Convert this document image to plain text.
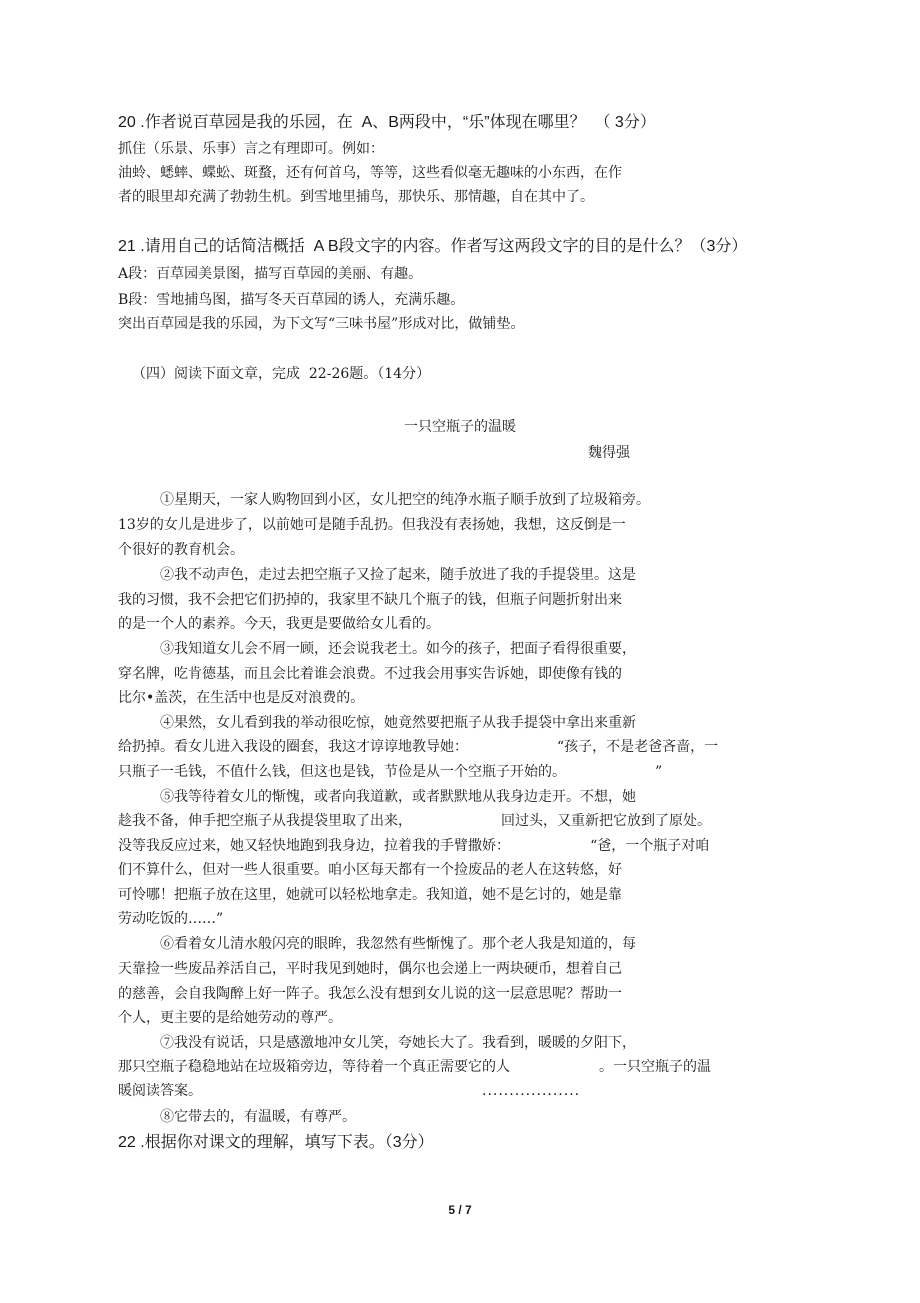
20 .作者说百草园是我的乐园，在  A、B两段中，“乐”体现在哪里？  （ 3分）
抓住（乐景、乐事）言之有理即可。例如：
油蛉、蟋蟀、蝶蚣、斑蝥，还有何首乌，等等，这些看似毫无趣味的小东西，在作
者的眼里却充满了勃勃生机。到雪地里捕鸟，那快乐、那情趣，自在其中了。
21 .请用自己的话简洁概括  A B段文字的内容。作者写这两段文字的目的是什么？（3分）
A段：百草园美景图，描写百草园的美丽、有趣。
B段：雪地捕鸟图，描写冬天百草园的诱人，充满乐趣。
突出百草园是我的乐园，为下文写“三味书屋”形成对比，做铺垫。
（四）阅读下面文章，完成  22-26题。（14分）
一只空瓶子的温暖
魏得强
①星期天，一家人购物回到小区，女儿把空的纯净水瓶子顺手放到了垃圾箱旁。
13岁的女儿是进步了，以前她可是随手乱扔。但我没有表扬她，我想，这反倒是一
个很好的教育机会。
②我不动声色，走过去把空瓶子又捡了起来，随手放进了我的手提袋里。这是
我的习惯，我不会把它们扔掉的，我家里不缺几个瓶子的钱，但瓶子问题折射出来
的是一个人的素养。今天，我更是要做给女儿看的。
③我知道女儿会不屑一顾，还会说我老土。如今的孩子，把面子看得很重要，
穿名牌，吃肯德基，而且会比着谁会浪费。不过我会用事实告诉她，即使像有钱的
比尔•盖茨，在生活中也是反对浪费的。
④果然，女儿看到我的举动很吃惊，她竟然要把瓶子从我手提袋中拿出来重新
给扔掉。看女儿进入我设的圈套，我这才谆谆地教导她：                    “孩子，不是老爸吝啬，一
只瓶子一毛钱，不值什么钱，但这也是钱，节俭是从一个空瓶子开始的。                    ”
⑤我等待着女儿的惭愧，或者向我道歉，或者默默地从我身边走开。不想，她
趁我不备，伸手把空瓶子从我提袋里取了出来，                    回过头，又重新把它放到了原处。
没等我反应过来，她又轻快地跑到我身边，拉着我的手臂撒娇：                  “爸，一个瓶子对咱
们不算什么，但对一些人很重要。咱小区每天都有一个捡废品的老人在这转悠，好
可怜哪！把瓶子放在这里，她就可以轻松地拿走。我知道，她不是乞讨的，她是靠
劳动吃饭的……”
⑥看着女儿清水般闪亮的眼眸，我忽然有些惭愧了。那个老人我是知道的，每
天靠捡一些废品养活自己，平时我见到她时，偶尔也会递上一两块硬币，想着自己
的慈善，会自我陶醉上好一阵子。我怎么没有想到女儿说的这一层意思呢？帮助一
个人，更主要的是给她劳动的尊严。
⑦我没有说话，只是感激地冲女儿笑，夸她长大了。我看到，暖暖的夕阳下，
那只空瓶子稳稳地站在垃圾箱旁边，等待着一个真正需要它的人                    。一只空瓶子的温
暖阅读答案。	..................
⑧它带去的，有温暖，有尊严。
22 .根据你对课文的理解，填写下表。（3分）
5 / 7
